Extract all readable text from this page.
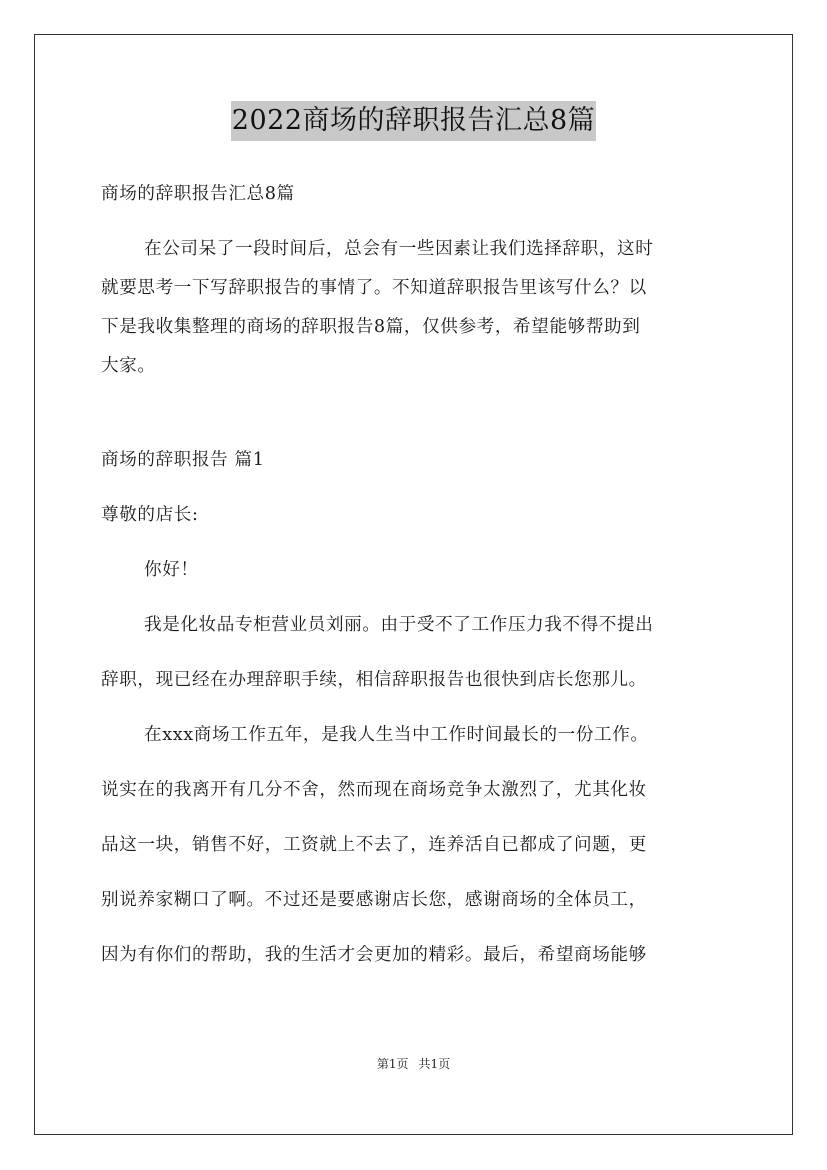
2022商场的辞职报告汇总8篇
商场的辞职报告汇总8篇
在公司呆了一段时间后，总会有一些因素让我们选择辞职，这时
就要思考一下写辞职报告的事情了。不知道辞职报告里该写什么？以
下是我收集整理的商场的辞职报告8篇，仅供参考，希望能够帮助到
大家。
商场的辞职报告 篇1
尊敬的店长:
你好！
我是化妆品专柜营业员刘丽。由于受不了工作压力我不得不提出
辞职，现已经在办理辞职手续，相信辞职报告也很快到店长您那儿。
在xxx商场工作五年，是我人生当中工作时间最长的一份工作。
说实在的我离开有几分不舍，然而现在商场竞争太激烈了，尤其化妆
品这一块，销售不好，工资就上不去了，连养活自已都成了问题，更
别说养家糊口了啊。不过还是要感谢店长您，感谢商场的全体员工，
因为有你们的帮助，我的生活才会更加的精彩。最后，希望商场能够
第1页 共1页
